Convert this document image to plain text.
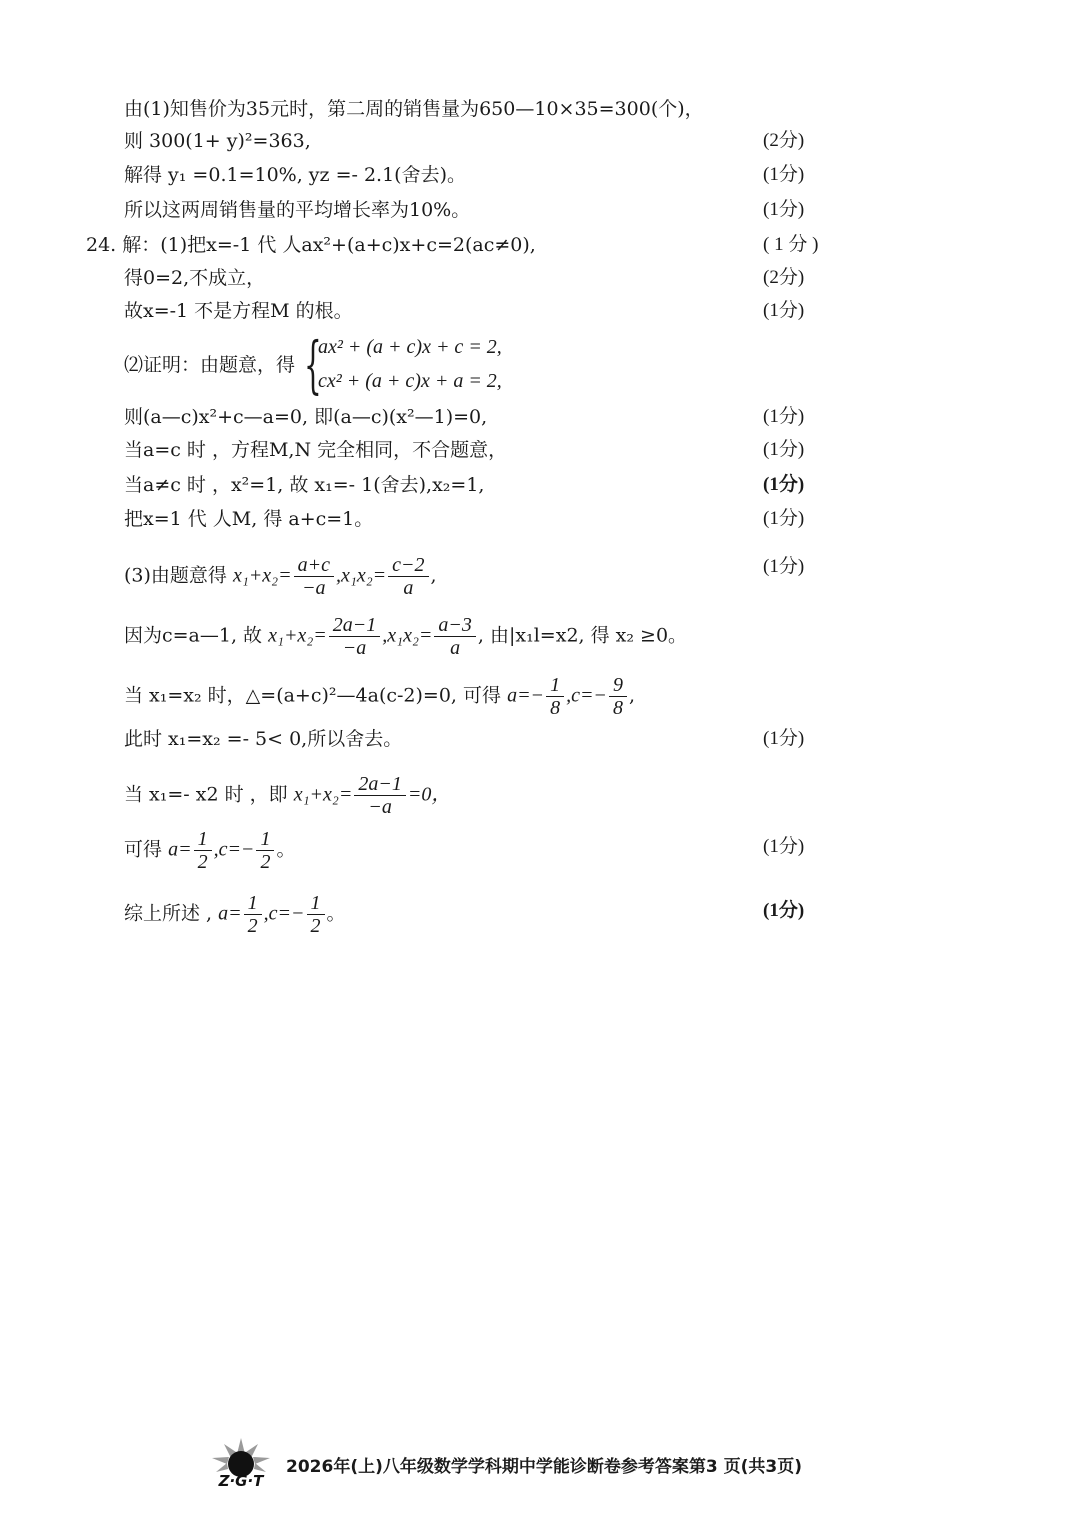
由(1)知售价为35元时，第二周的销售量为650—10×35=300(个)，
则 300(1+ y)²=363,	(2分)
解得 y₁ =0.1=10%, yz =- 2.1(舍去)。	(1分)
所以这两周销售量的平均增长率为10%。	(1分)
24. 解：(1)把x=-1 代 人ax²+(a+c)x+c=2(ac≠0),	( 1 分 )
得0=2,不成立，	(2分)
故x=-1 不是方程M 的根。	(1分)
⑵证明：由题意，得 {
ax² + (a + c)x + c = 2,
cx² + (a + c)x + a = 2,
则(a—c)x²+c—a=0, 即(a—c)(x²—1)=0,	(1分)
当a=c 时 ，方程M,N 完全相同，不合题意，	(1分)
当a≠c 时 ，x²=1, 故 x₁=- 1(舍去),x₂=1,	(1分)
把x=1 代 人M, 得 a+c=1。	(1分)
(3)由题意得 $x_1+x_2= \frac{a+c}{-a} ,x_1x_2= \frac{c-2}{a}$ ,	(1分)
因为c=a—1, 故 $x_1+x_2= \frac{2a-1}{-a} ,x_1x_2= \frac{a-3}{a}$ , 由|x₁l=x2, 得 x₂ ≥0。
当 x₁=x₂ 时，△=(a+c)²—4a(c-2)=0, 可得 $a=- \frac{1}{8} ,c=- \frac{9}{8}$ ,
此时 x₁=x₂ =- 5< 0,所以舍去。	(1分)
当 x₁=- x2 时 ，即 $x_1+x_2= \frac{2a-1}{-a} =0$，
可得 $a= \frac{1}{2} ,c=- \frac{1}{2}$ 。	(1分)
综上所述 , $a= \frac{1}{2} ,c=- \frac{1}{2}$ 。	(1分)
Z·G·T
2026年(上)八年级数学学科期中学能诊断卷参考答案第3 页(共3页)
